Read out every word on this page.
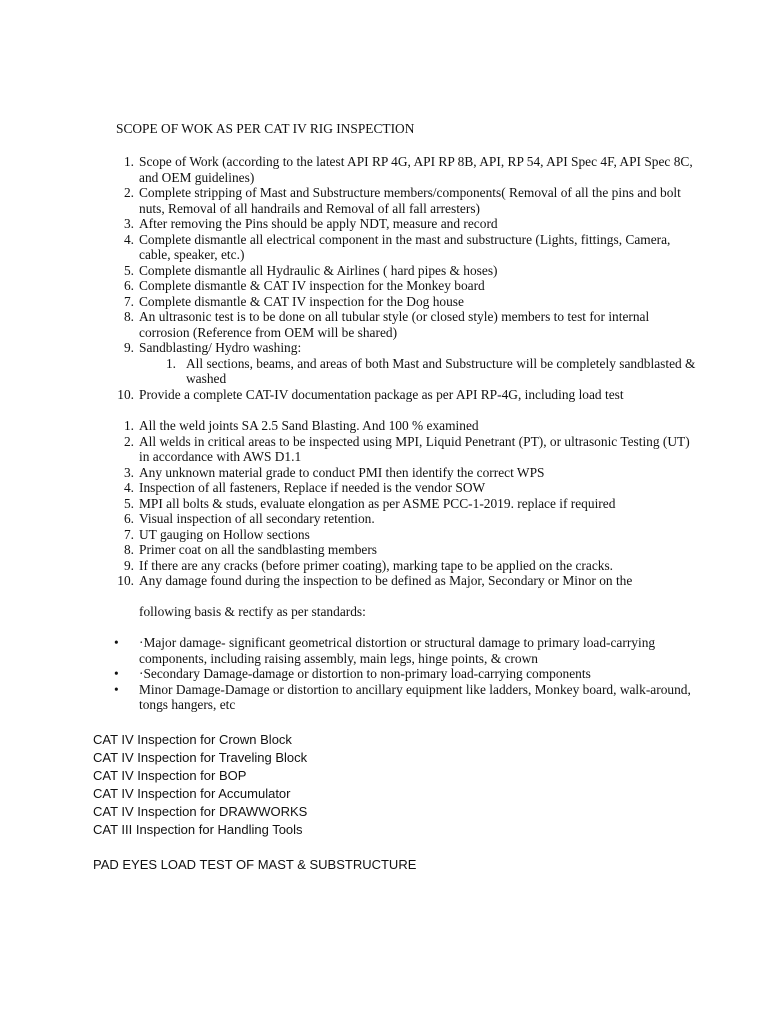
SCOPE OF WOK AS PER CAT IV RIG INSPECTION
1. Scope of Work (according to the latest API RP 4G, API RP 8B, API, RP 54, API Spec 4F, API Spec 8C, and OEM guidelines)
2. Complete stripping of Mast and Substructure members/components( Removal of all the pins and bolt nuts, Removal of all handrails and Removal of all fall arresters)
3. After removing the Pins should be apply NDT, measure and record
4. Complete dismantle all electrical component in the mast and substructure (Lights, fittings, Camera, cable, speaker, etc.)
5. Complete dismantle all Hydraulic & Airlines ( hard pipes & hoses)
6. Complete dismantle & CAT IV inspection for the Monkey board
7. Complete dismantle & CAT IV inspection for the Dog house
8. An ultrasonic test is to be done on all tubular style (or closed style) members to test for internal corrosion (Reference from OEM will be shared)
9. Sandblasting/ Hydro washing:
1. All sections, beams, and areas of both Mast and Substructure will be completely sandblasted & washed
10. Provide a complete CAT-IV documentation package as per API RP-4G, including load test
1. All the weld joints SA 2.5 Sand Blasting. And 100 % examined
2. All welds in critical areas to be inspected using MPI, Liquid Penetrant (PT), or ultrasonic Testing (UT) in accordance with AWS D1.1
3. Any unknown material grade to conduct PMI then identify the correct WPS
4. Inspection of all fasteners, Replace if needed is the vendor SOW
5. MPI all bolts & studs, evaluate elongation as per ASME PCC-1-2019. replace if required
6. Visual inspection of all secondary retention.
7. UT gauging on Hollow sections
8. Primer coat on all the sandblasting members
9. If there are any cracks (before primer coating), marking tape to be applied on the cracks.
10. Any damage found during the inspection to be defined as Major, Secondary or Minor on the
following basis & rectify as per standards:
• ·Major damage- significant geometrical distortion or structural damage to primary load-carrying components, including raising assembly, main legs, hinge points, & crown
• ·Secondary Damage-damage or distortion to non-primary load-carrying components
• Minor Damage-Damage or distortion to ancillary equipment like ladders, Monkey board, walk-around, tongs hangers, etc
CAT IV Inspection for Crown Block
CAT IV Inspection for Traveling Block
CAT IV Inspection for BOP
CAT IV Inspection for Accumulator
CAT IV Inspection for DRAWWORKS
CAT III Inspection for Handling Tools
PAD EYES LOAD TEST OF MAST & SUBSTRUCTURE
